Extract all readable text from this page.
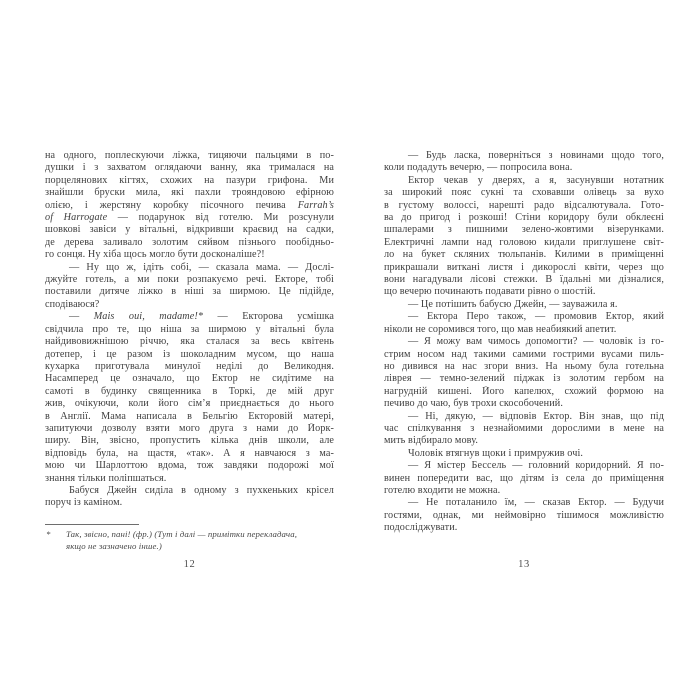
на одного, поплескуючи ліжка, тицяючи пальцями в по-
душки і з захватом оглядаючи ванну, яка трималася на
порцелянових кігтях, схожих на пазури грифона. Ми
знайшли бруски мила, які пахли трояндовою ефірною
олією, і жерстяну коробку пісочного печива Farrah’s
of Harrogate — подарунок від готелю. Ми розсунули
шовкові завіси у вітальні, відкривши краєвид на садки,
де дерева заливало золотим сяйвом пізнього пообідньо-
го сонця. Ну хіба щось могло бути досконаліше?!
— Ну що ж, ідіть собі, — сказала мама. — Дослі-
джуйте готель, а ми поки розпакуємо речі. Екторе, тобі
поставили дитяче ліжко в ніші за ширмою. Це підійде,
сподіваюся?
— Mais oui, madame!* — Екторова усмішка
свідчила про те, що ніша за ширмою у вітальні була
найдивовижнішою річчю, яка сталася за весь квітень
дотепер, і це разом із шоколадним мусом, що наша
кухарка приготувала минулої неділі до Великодня.
Насамперед це означало, що Ектор не сидітиме на
самоті в будинку священника в Торкі, де мій друг
жив, очікуючи, коли його сім’я приєднається до нього
в Англії. Мама написала в Бельгію Екторовій матері,
запитуючи дозволу взяти мого друга з нами до Йорк-
ширу. Він, звісно, пропустить кілька днів школи, але
відповідь була, на щастя, «так». А я навчаюся з ма-
мою чи Шарлоттою вдома, тож завдяки подорожі мої
знання тільки поліпшаться.
Бабуся Джейн сиділа в одному з пухкеньких крісел
поруч із каміном.
* Так, звісно, пані! (фр.) (Тут і далі — примітки перекладача,
якщо не зазначено інше.)
12
— Будь ласка, поверніться з новинами щодо того,
коли подадуть вечерю, — попросила вона.
Ектор чекав у дверях, а я, засунувши нотатник
за широкий пояс сукні та сховавши олівець за вухо
в густому волоссі, нарешті радо відсалютувала. Гото-
ва до пригод і розкоші! Стіни коридору були обклеєні
шпалерами з пишними зелено-жовтими візерунками.
Електричні лампи над головою кидали приглушене світ-
ло на букет скляних тюльпанів. Килими в приміщенні
прикрашали виткані листя і дикорослі квіти, через що
вони нагадували лісові стежки. В їдальні ми дізналися,
що вечерю починають подавати рівно о шостій.
— Це потішить бабусю Джейн, — зауважила я.
— Ектора Перо також, — промовив Ектор, який
ніколи не соромився того, що мав неабиякий апетит.
— Я можу вам чимось допомогти? — чоловік із го-
стрим носом над такими самими гострими вусами пиль-
но дивився на нас згори вниз. На ньому була готельна
ліврея — темно-зелений піджак із золотим гербом на
нагрудній кишені. Його капелюх, схожий формою на
печиво до чаю, був трохи скособочений.
— Ні, дякую, — відповів Ектор. Він знав, що під
час спілкування з незнайомими дорослими в мене на
мить відбирало мову.
Чоловік втягнув щоки і примружив очі.
— Я містер Бессель — головний коридорний. Я по-
винен попередити вас, що дітям із села до приміщення
готелю входити не можна.
— Не поталанило їм, — сказав Ектор. — Будучи
гостями, однак, ми неймовірно тішимося можливістю
подосліджувати.
13
